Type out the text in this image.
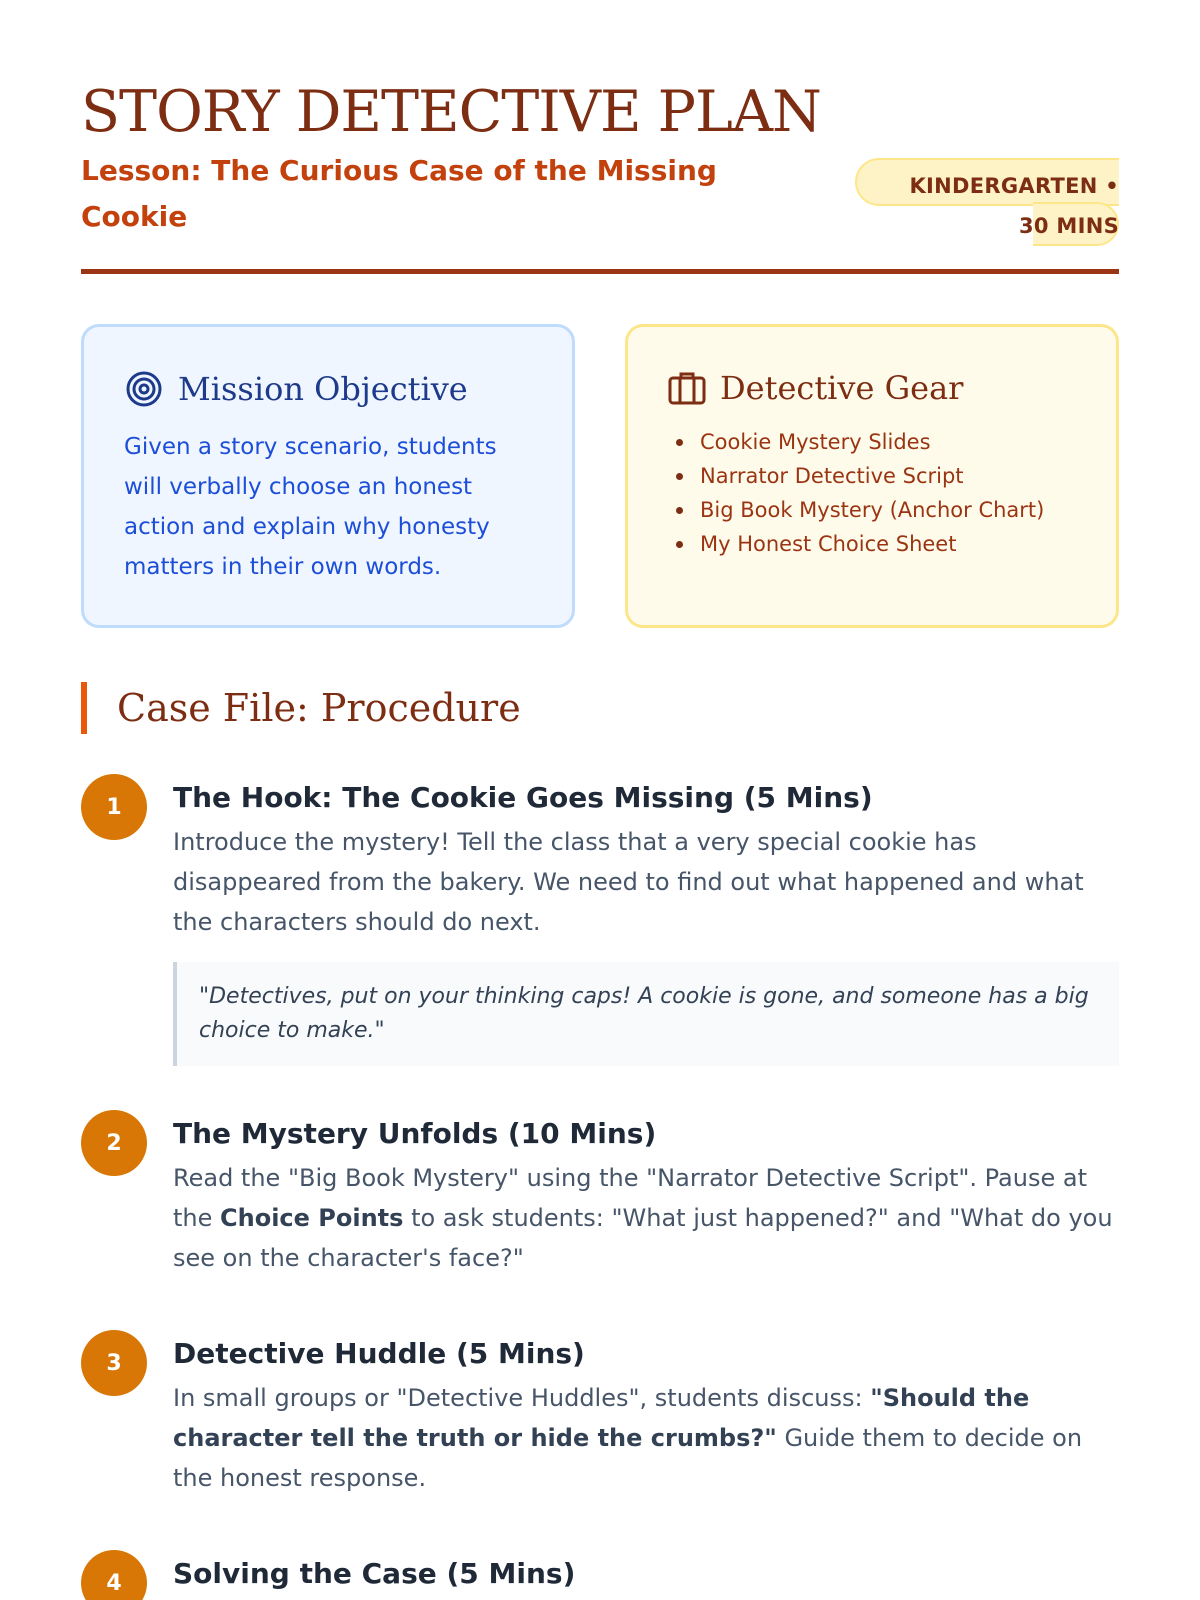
STORY DETECTIVE PLAN
Lesson: The Curious Case of the Missing Cookie
KINDERGARTEN • 30 MINS
Mission Objective
Given a story scenario, students will verbally choose an honest action and explain why honesty matters in their own words.
Detective Gear
Cookie Mystery Slides
Narrator Detective Script
Big Book Mystery (Anchor Chart)
My Honest Choice Sheet
Case File: Procedure
1	The Hook: The Cookie Goes Missing (5 Mins)
Introduce the mystery! Tell the class that a very special cookie has disappeared from the bakery. We need to find out what happened and what the characters should do next.
"Detectives, put on your thinking caps! A cookie is gone, and someone has a big choice to make."
2	The Mystery Unfolds (10 Mins)
Read the "Big Book Mystery" using the "Narrator Detective Script". Pause at the Choice Points to ask students: "What just happened?" and "What do you see on the character's face?"
3	Detective Huddle (5 Mins)
In small groups or "Detective Huddles", students discuss: "Should the character tell the truth or hide the crumbs?" Guide them to decide on the honest response.
4	Solving the Case (5 Mins)
